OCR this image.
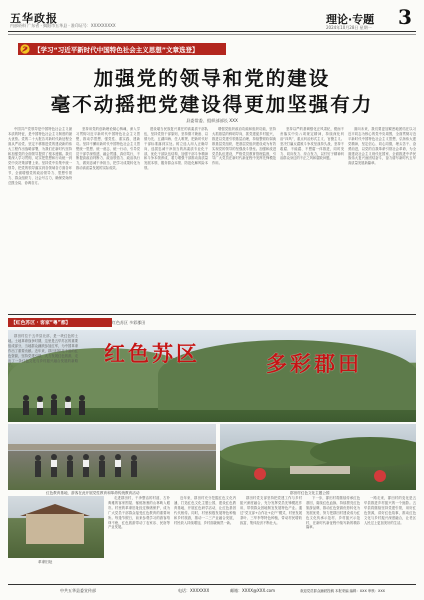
五华政报
内部资料 广东省 · 揭阳市五华县 · 准印证号：XXXXXXXXX	理论·专题 3
2024年10月28日 星期一
【学习“习近平新时代中国特色社会主义思想”文章选登】
加强党的领导和党的建设
毫不动摇把党建设得更加坚强有力
县委常委、组织部部长 XXX

中国共产党领导是中国特色社会主义最本质的特征，是中国特色社会主义制度的最大优势。党的二十大报告对新时代新征程全面从严治党、坚定不移推进党的建设新的伟大工程作出战略部署，为我们在新时代坚持和加强党的全面领导提供了根本遵循。我们要深入学习贯彻，切实把思想和行动统一到党中央决策部署上来。坚持党中央集中统一领导，把党的领导落实到各领域各方面各环节，全面增强党的政治领导力、思想引领力、群众组织力、社会号召力，确保党始终总揽全局、协调各方。

坚持用党的创新理论凝心铸魂，深入学习贯彻习近平新时代中国特色社会主义思想，推动学思想、强党性、重实践、建新功。坚持不懈用新时代中国特色社会主义思想统一思想、统一意志、统一行动，引导党员干部学深悟透、融会贯通、真信笃行，不断提高政治判断力、政治领悟力、政治执行力，做到忠诚干净担当，把学习成果转化为推动高质量发展的实际成效。

建设堪当民族复兴重任的高素质干部队伍，坚持党管干部原则，坚持德才兼备、以德为先、五湖四海、任人唯贤，把新时代好干部标准落到实处。树立选人用人正确导向，选拔忠诚干净担当的高素质专业化干部，优化干部队伍结构，加强干部斗争精神和斗争本领养成，着力增强干部推动高质量发展本领、服务群众本领、防范化解风险本领。

增强党组织政治功能和组织功能，坚持大抓基层的鲜明导向，抓党建促乡村振兴，推进以党建引领基层治理，持续整顿软弱涣散基层党组织，把基层党组织建设成为有效实现党的领导的坚强战斗堡垒。加强和改进党员队伍建设，严格党员教育管理监督，引导广大党员在新时代新征程中发挥先锋模范作用。

坚持以严的基调强化正风肃纪，锲而不舍落实中央八项规定精神，持续深化纠治“四风”，重点纠治形式主义、官僚主义。坚决打赢反腐败斗争攻坚战持久战，坚持不敢腐、不能腐、不想腐一体推进，同时发力、同向发力、综合发力，以钉钉子精神纠治群众身边的不正之风和腐败问题。

面向未来，我们要更加紧密地团结在以习近平同志为核心的党中央周围，全面贯彻习近平新时代中国特色社会主义思想，弘扬伟大建党精神，坚定信心、同心同德，埋头苦干、奋勇前进，以党的自我革命引领社会革命，为全面建设社会主义现代化国家、全面推进中华民族伟大复兴而团结奋斗，奋力谱写新时代五华高质量发展新篇章。

【红色苏区 · 客家“粤”都】	红色苏区 多彩郡田
红色苏区	多彩郡田
红色教育基地，游客在此开展党性教育和革命传统教育活动	郡田村红色文化主题公园
革命旧址

郡田村位于五华县北部，是一块红色的土地。土地革命战争时期，这里是五华苏区的重要组成部分，当地群众踊跃参加红军，为中国革命作出了重要贡献。近年来，郡田村依托丰富的红色资源，坚持党建引领，大力发展红色旅游，走出了一条红色文化与乡村振兴融合发展的新路子。

走进郡田村，干净整洁的村道、古朴典雅的客家围屋、郁郁葱葱的山林映入眼帘。村里的革命旧址经过修缮保护，成为广大党员干部群众接受红色教育的重要场所。每逢节假日，前来参观学习的游客络绎不绝，红色旅游带动了农家乐、民宿等产业发展。

近年来，郡田村充分挖掘红色文化内涵，打造红色文化主题公园，建设红色教育基地，开展红色研学活动，让红色基因代代相传。同时，村里积极发展特色种植和乡村旅游，推动一二三产业融合发展，村民收入持续增加，乡村面貌焕然一新。

郡田村党支部坚持把党建工作与乡村振兴深度融合，充分发挥党员先锋模范作用，带领群众因地制宜发展特色产业。通过“党支部+合作社+农户”模式，村里发展茶叶、三华李等特色种植，带动村民增收致富，集体经济不断壮大。

下一步，郡田村将继续传承红色基因，赓续红色血脉，持续擦亮红色旅游品牌，推动红色资源优势转化为发展优势，努力把郡田村建设成为红色文化传承示范村、乡村振兴示范村，在新时代新征程中续写新的精彩篇章。

一路走来，郡田村的变化是五华县推进乡村振兴的一个缩影。五华县将继续坚持党建引领，用好红色资源，讲好红色故事，推动红色文化与乡村振兴深度融合，让老区人民过上更加美好的生活。

中共五华县委宣传部	电话：XXXXXXX	邮箱：XXXX@XXX.com	欢迎党员群众踊跃投稿 本报采编 编辑：XXX 审核：XXX
